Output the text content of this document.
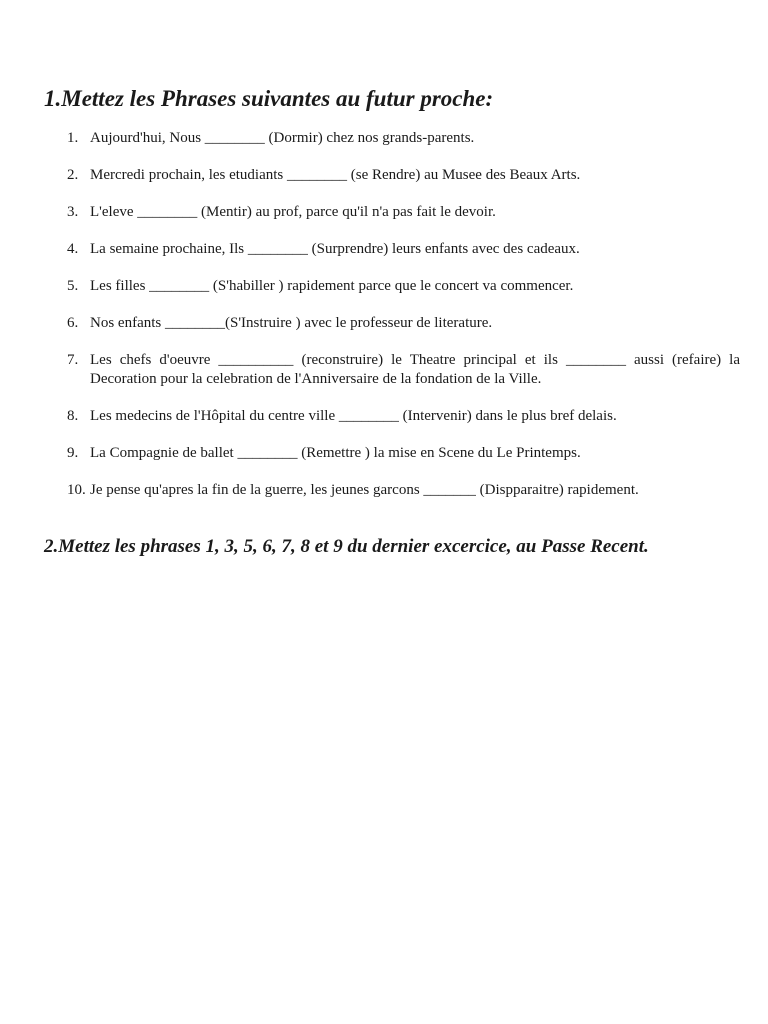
1.Mettez les Phrases suivantes au futur proche:
1. Aujourd'hui, Nous ________ (Dormir) chez nos grands-parents.
2. Mercredi prochain, les etudiants ________ (se Rendre) au Musee des Beaux Arts.
3. L'eleve ________ (Mentir) au prof, parce qu'il n'a pas fait le devoir.
4. La semaine prochaine, Ils ________ (Surprendre) leurs enfants avec des cadeaux.
5. Les filles ________ (S'habiller ) rapidement parce que le concert va commencer.
6. Nos enfants ________(S'Instruire ) avec le professeur de literature.
7. Les chefs d'oeuvre __________ (reconstruire) le Theatre principal et ils ________ aussi (refaire) la Decoration pour la celebration de l'Anniversaire de la fondation de la Ville.
8. Les medecins de l'Hôpital du centre ville ________ (Intervenir) dans le plus bref delais.
9. La Compagnie de ballet ________ (Remettre ) la mise en Scene du Le Printemps.
10. Je pense qu'apres la fin de la guerre, les jeunes garcons _______ (Dispparaitre) rapidement.
2.Mettez les phrases 1, 3, 5, 6, 7, 8 et 9 du dernier excercice, au Passe Recent.
